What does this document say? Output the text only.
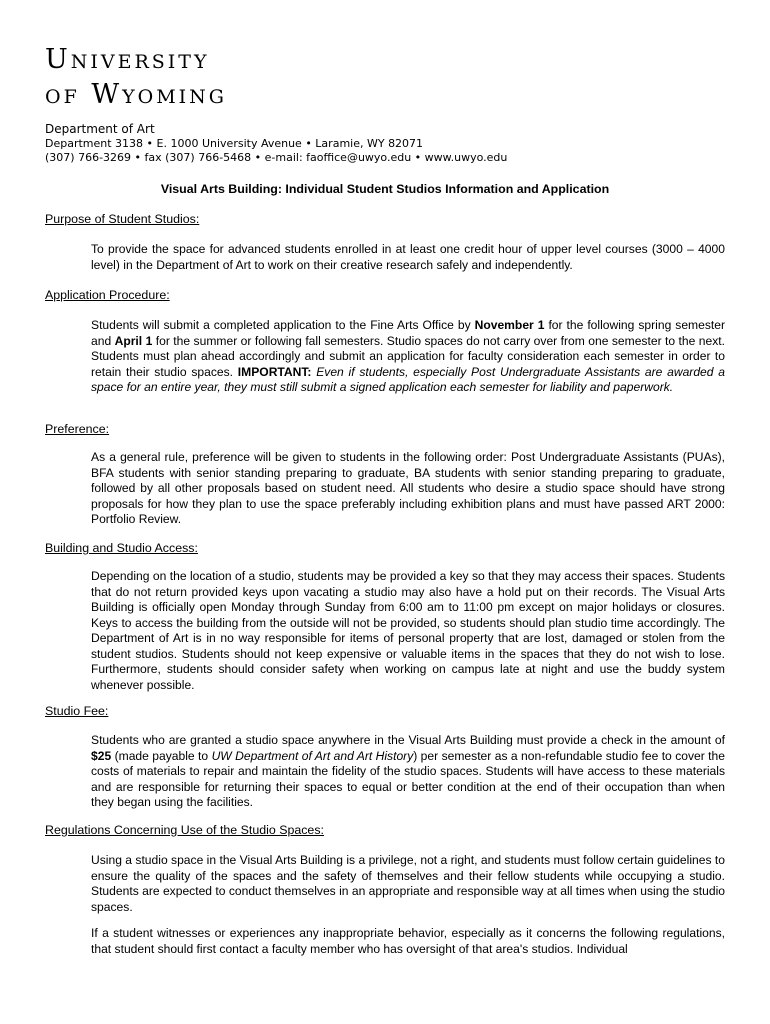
University
of Wyoming
Department of Art
Department 3138 • E. 1000 University Avenue • Laramie, WY 82071
(307) 766-3269 • fax (307) 766-5468 • e-mail: faoffice@uwyo.edu • www.uwyo.edu
Visual Arts Building: Individual Student Studios Information and Application
Purpose of Student Studios:
To provide the space for advanced students enrolled in at least one credit hour of upper level courses (3000 – 4000 level) in the Department of Art to work on their creative research safely and independently.
Application Procedure:
Students will submit a completed application to the Fine Arts Office by November 1 for the following spring semester and April 1 for the summer or following fall semesters. Studio spaces do not carry over from one semester to the next. Students must plan ahead accordingly and submit an application for faculty consideration each semester in order to retain their studio spaces. IMPORTANT: Even if students, especially Post Undergraduate Assistants are awarded a space for an entire year, they must still submit a signed application each semester for liability and paperwork.
Preference:
As a general rule, preference will be given to students in the following order: Post Undergraduate Assistants (PUAs), BFA students with senior standing preparing to graduate, BA students with senior standing preparing to graduate, followed by all other proposals based on student need. All students who desire a studio space should have strong proposals for how they plan to use the space preferably including exhibition plans and must have passed ART 2000: Portfolio Review.
Building and Studio Access:
Depending on the location of a studio, students may be provided a key so that they may access their spaces. Students that do not return provided keys upon vacating a studio may also have a hold put on their records. The Visual Arts Building is officially open Monday through Sunday from 6:00 am to 11:00 pm except on major holidays or closures. Keys to access the building from the outside will not be provided, so students should plan studio time accordingly. The Department of Art is in no way responsible for items of personal property that are lost, damaged or stolen from the student studios. Students should not keep expensive or valuable items in the spaces that they do not wish to lose. Furthermore, students should consider safety when working on campus late at night and use the buddy system whenever possible.
Studio Fee:
Students who are granted a studio space anywhere in the Visual Arts Building must provide a check in the amount of $25 (made payable to UW Department of Art and Art History) per semester as a non-refundable studio fee to cover the costs of materials to repair and maintain the fidelity of the studio spaces. Students will have access to these materials and are responsible for returning their spaces to equal or better condition at the end of their occupation than when they began using the facilities.
Regulations Concerning Use of the Studio Spaces:
Using a studio space in the Visual Arts Building is a privilege, not a right, and students must follow certain guidelines to ensure the quality of the spaces and the safety of themselves and their fellow students while occupying a studio. Students are expected to conduct themselves in an appropriate and responsible way at all times when using the studio spaces.
If a student witnesses or experiences any inappropriate behavior, especially as it concerns the following regulations, that student should first contact a faculty member who has oversight of that area's studios. Individual
